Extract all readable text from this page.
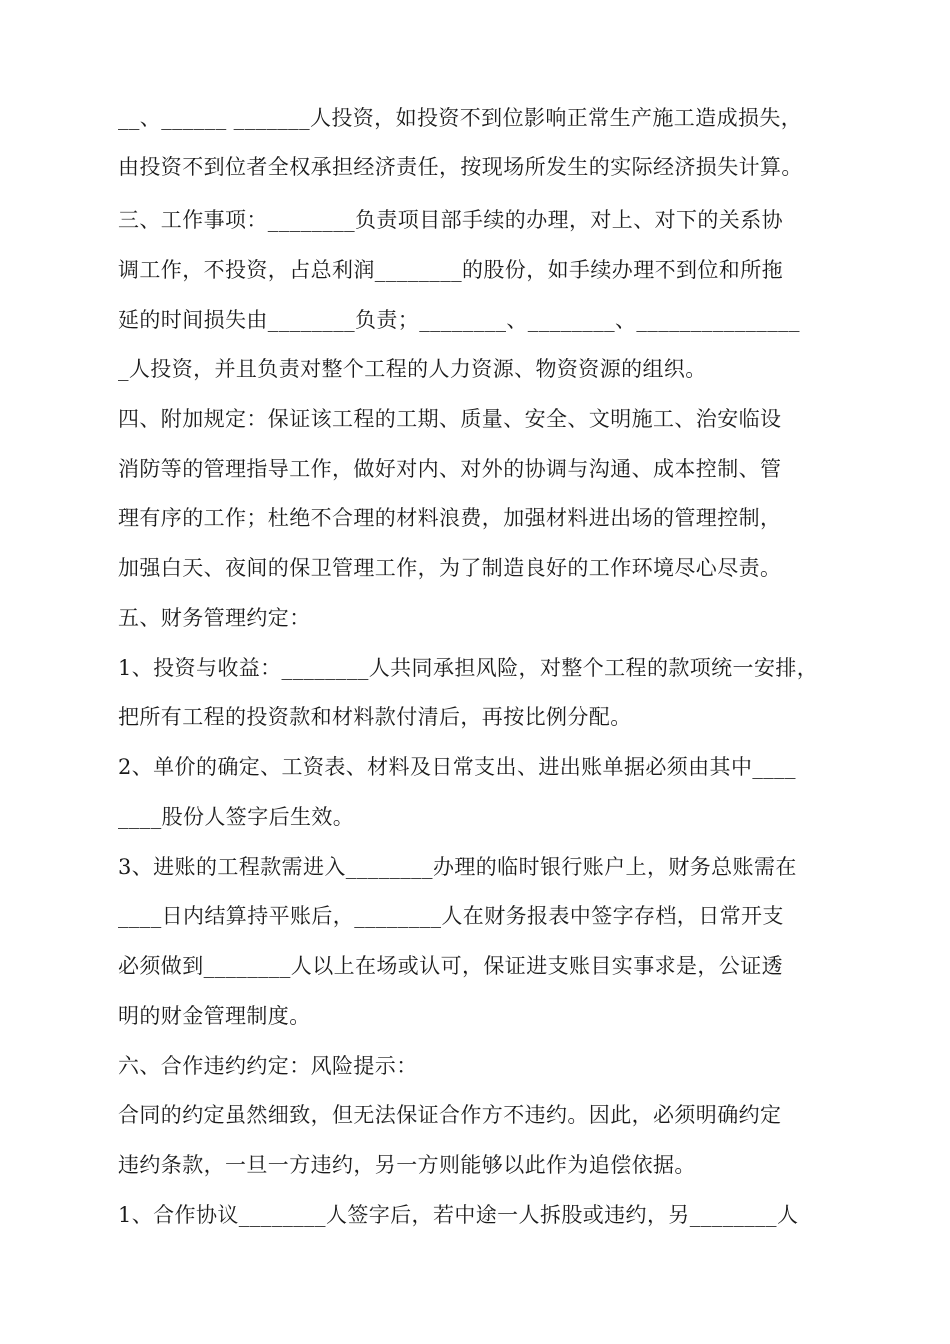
__、______ _______人投资，如投资不到位影响正常生产施工造成损失，
由投资不到位者全权承担经济责任，按现场所发生的实际经济损失计算。
三、工作事项：________负责项目部手续的办理，对上、对下的关系协
调工作，不投资，占总利润________的股份，如手续办理不到位和所拖
延的时间损失由________负责；________、________、_______________
_人投资，并且负责对整个工程的人力资源、物资资源的组织。
四、附加规定：保证该工程的工期、质量、安全、文明施工、治安临设
消防等的管理指导工作，做好对内、对外的协调与沟通、成本控制、管
理有序的工作；杜绝不合理的材料浪费，加强材料进出场的管理控制，
加强白天、夜间的保卫管理工作，为了制造良好的工作环境尽心尽责。
五、财务管理约定：
1、投资与收益：________人共同承担风险，对整个工程的款项统一安排，
把所有工程的投资款和材料款付清后，再按比例分配。
2、单价的确定、工资表、材料及日常支出、进出账单据必须由其中____
____股份人签字后生效。
3、进账的工程款需进入________办理的临时银行账户上，财务总账需在
____日内结算持平账后，________人在财务报表中签字存档，日常开支
必须做到________人以上在场或认可，保证进支账目实事求是，公证透
明的财金管理制度。
六、合作违约约定：风险提示：
合同的约定虽然细致，但无法保证合作方不违约。因此，必须明确约定
违约条款，一旦一方违约，另一方则能够以此作为追偿依据。
1、合作协议________人签字后，若中途一人拆股或违约，另________人
